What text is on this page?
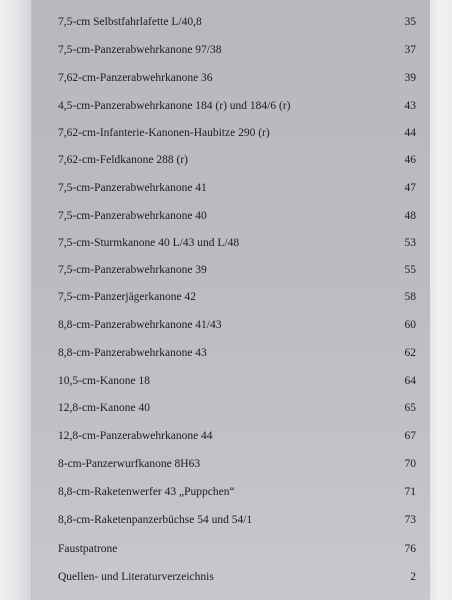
7,5-cm Selbstfahrlafette L/40,8	35
7,5-cm-Panzerabwehrkanone 97/38	37
7,62-cm-Panzerabwehrkanone 36	39
4,5-cm-Panzerabwehrkanone 184 (r) und 184/6 (r)	43
7,62-cm-Infanterie-Kanonen-Haubitze 290 (r)	44
7,62-cm-Feldkanone 288 (r)	46
7,5-cm-Panzerabwehrkanone 41	47
7,5-cm-Panzerabwehrkanone 40	48
7,5-cm-Sturmkanone 40 L/43 und L/48	53
7,5-cm-Panzerabwehrkanone 39	55
7,5-cm-Panzerjägerkanone 42	58
8,8-cm-Panzerabwehrkanone 41/43	60
8,8-cm-Panzerabwehrkanone 43	62
10,5-cm-Kanone 18	64
12,8-cm-Kanone 40	65
12,8-cm-Panzerabwehrkanone 44	67
8-cm-Panzerwurfkanone 8H63	70
8,8-cm-Raketenwerfer 43 „Puppchen“	71
8,8-cm-Raketenpanzerbüchse 54 und 54/1	73
Faustpatrone	76
Quellen- und Literaturverzeichnis	2
